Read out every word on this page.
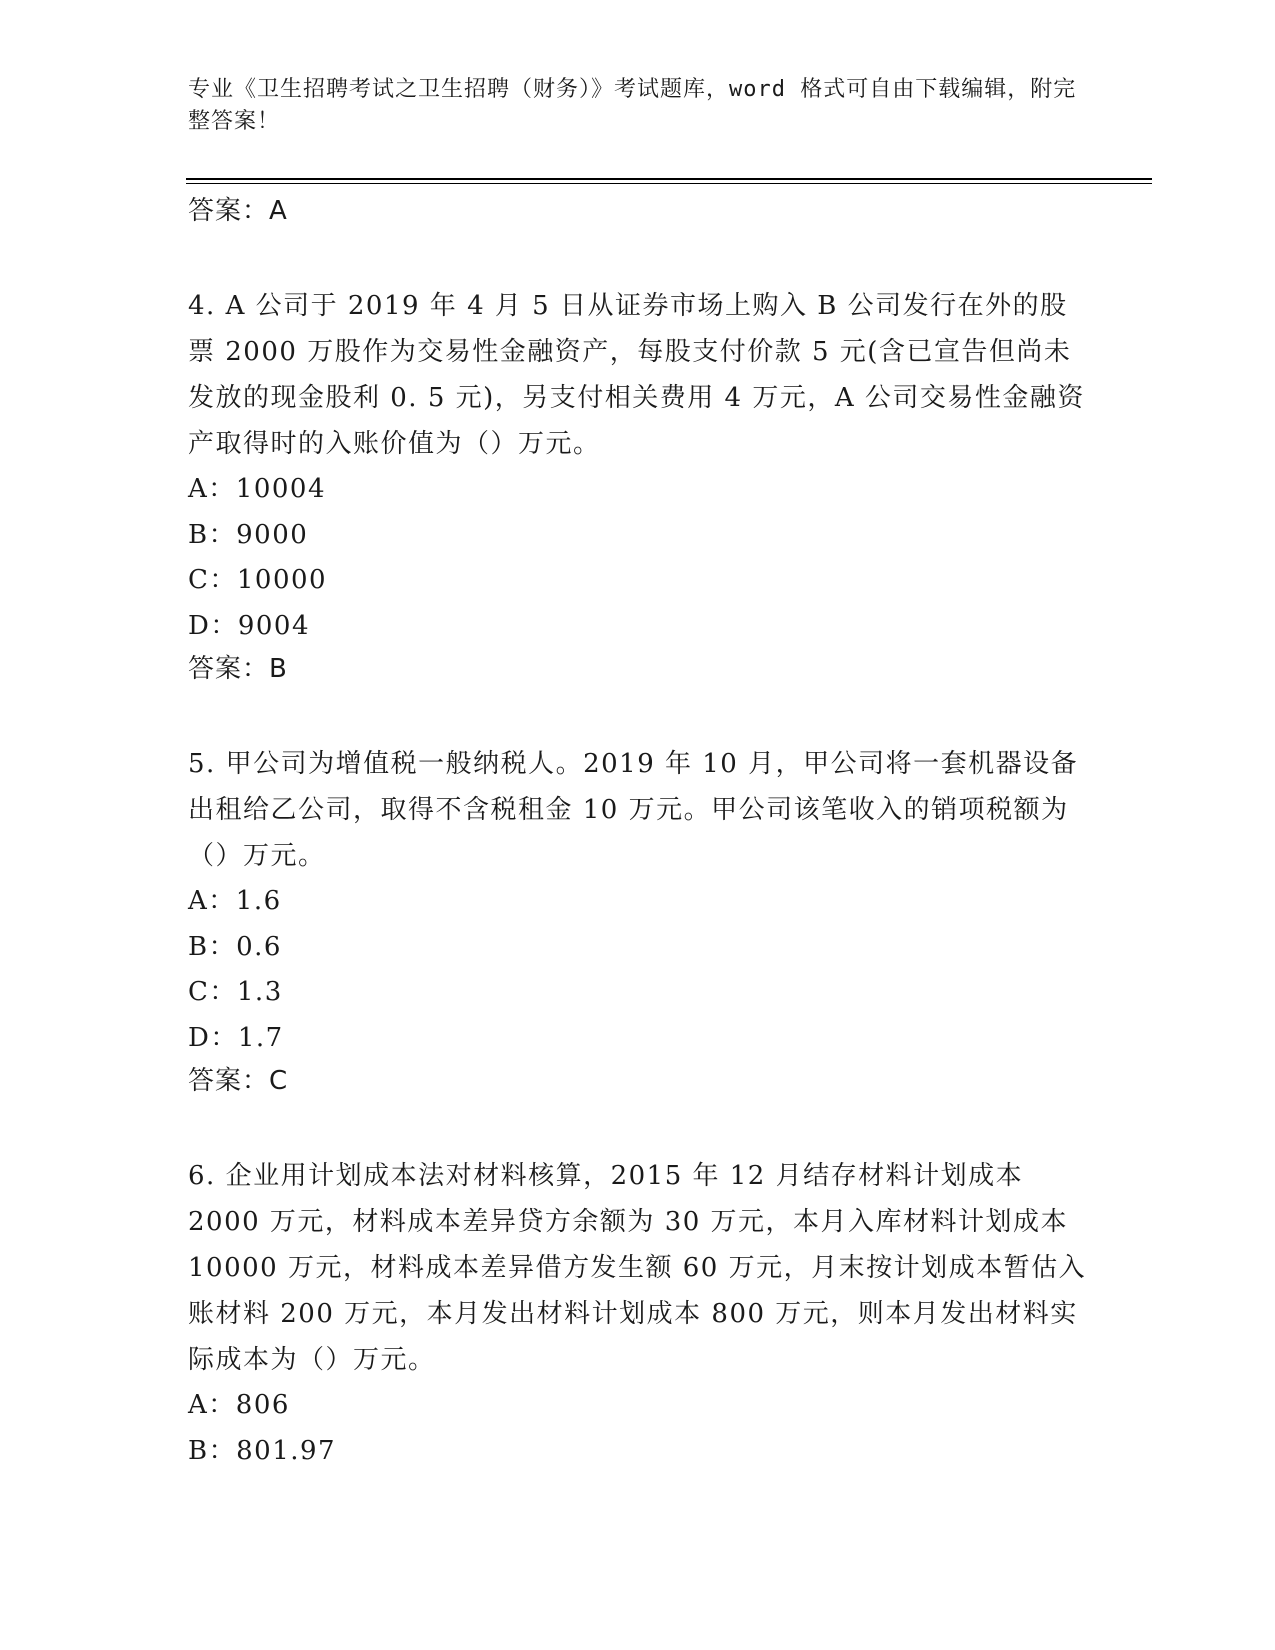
专业《卫生招聘考试之卫生招聘（财务）》考试题库，word 格式可自由下载编辑，附完整答案！

答案：A

4. A 公司于 2019 年 4 月 5 日从证券市场上购入 B 公司发行在外的股票 2000 万股作为交易性金融资产，每股支付价款 5 元(含已宣告但尚未发放的现金股利 0. 5 元)，另支付相关费用 4 万元，A 公司交易性金融资产取得时的入账价值为（）万元。

A：10004

B：9000

C：10000

D：9004

答案：B

5. 甲公司为增值税一般纳税人。2019 年 10 月，甲公司将一套机器设备出租给乙公司，取得不含税租金 10 万元。甲公司该笔收入的销项税额为（）万元。

A：1.6

B：0.6

C：1.3

D：1.7

答案：C

6. 企业用计划成本法对材料核算，2015 年 12 月结存材料计划成本 2000 万元，材料成本差异贷方余额为 30 万元，本月入库材料计划成本 10000 万元，材料成本差异借方发生额 60 万元，月末按计划成本暂估入账材料 200 万元，本月发出材料计划成本 800 万元，则本月发出材料实际成本为（）万元。

A：806

B：801.97
